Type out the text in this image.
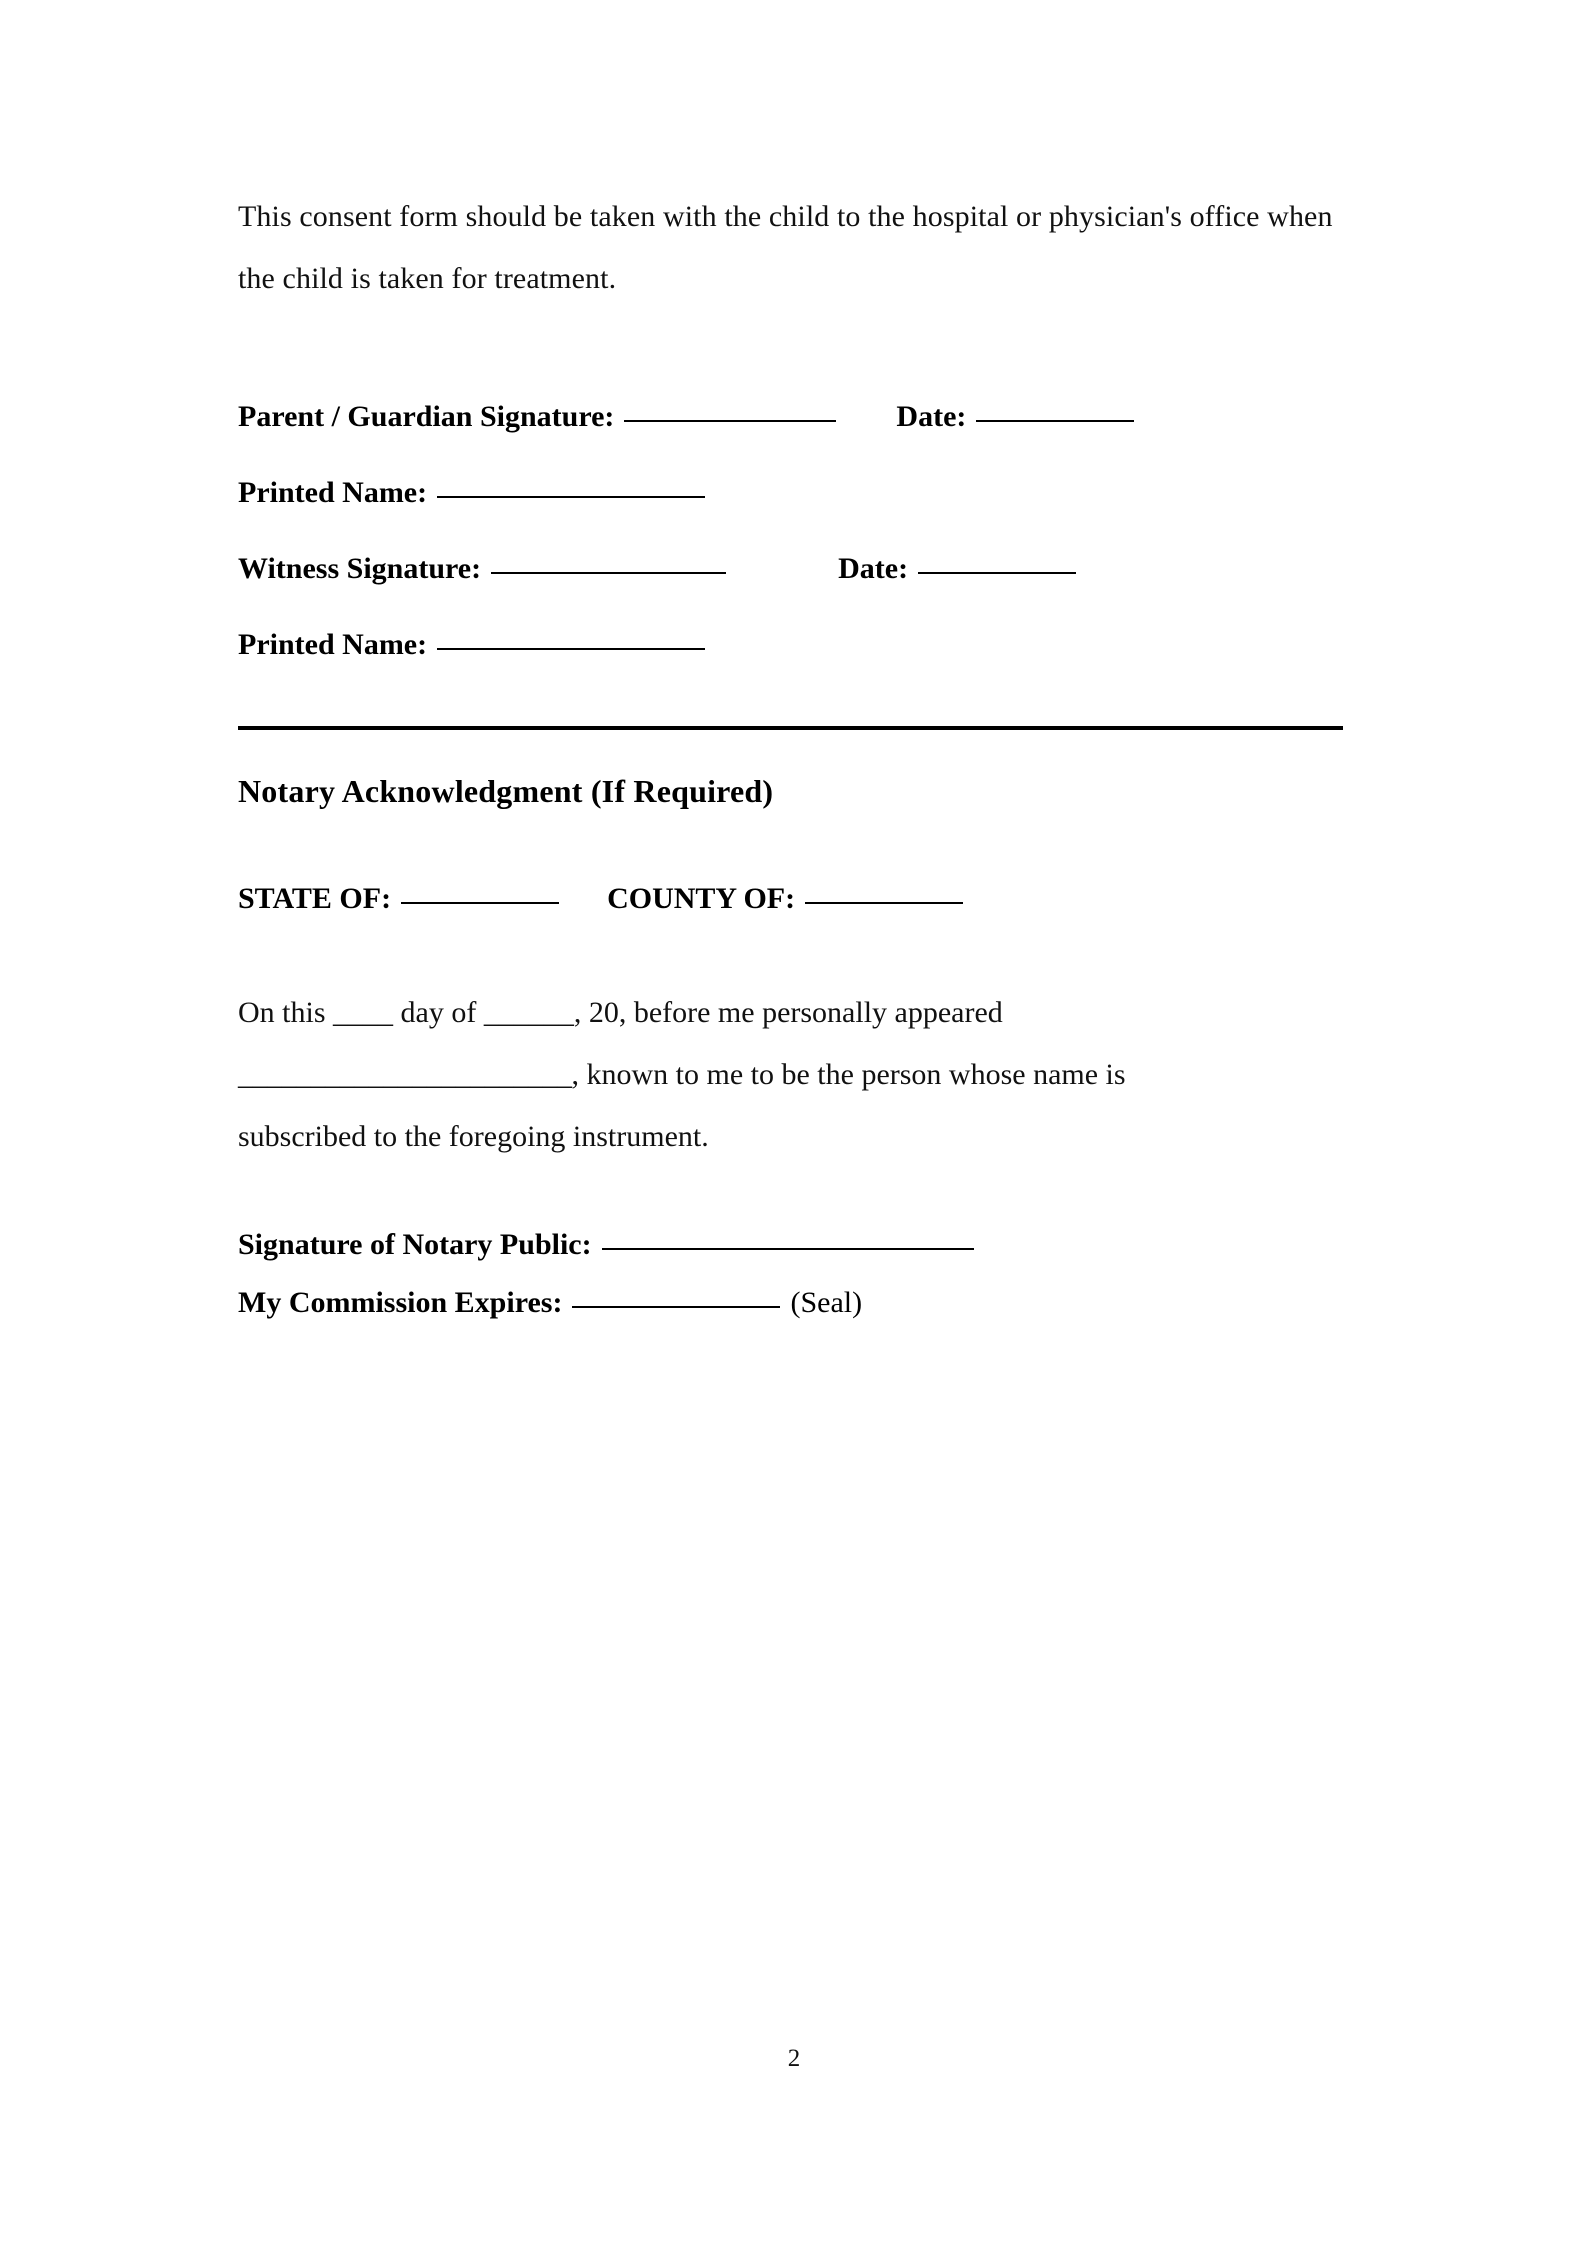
This consent form should be taken with the child to the hospital or physician's office when the child is taken for treatment.

Parent / Guardian Signature:	Date:
Printed Name:
Witness Signature:	Date:
Printed Name:
Notary Acknowledgment (If Required)
STATE OF:	COUNTY OF:
On this ____ day of ______, 20, before me personally appeared
_______________________, known to me to be the person whose name is
subscribed to the foregoing instrument.
Signature of Notary Public:
My Commission Expires:	(Seal)
2
